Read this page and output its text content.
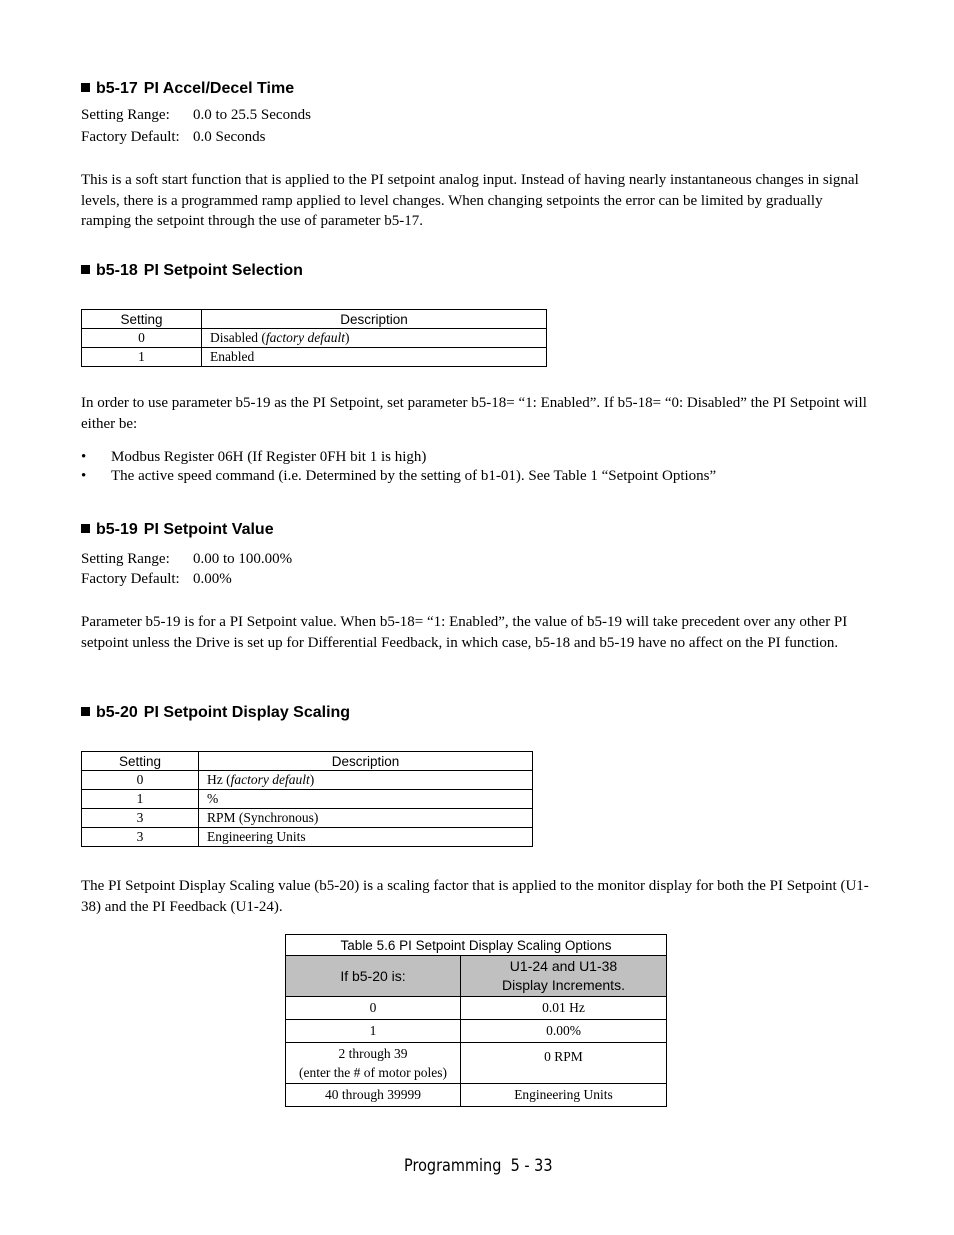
b5-17 PI Accel/Decel Time
Setting Range: 0.0 to 25.5 Seconds
Factory Default: 0.0 Seconds
This is a soft start function that is applied to the PI setpoint analog input. Instead of having nearly instantaneous changes in signal levels, there is a programmed ramp applied to level changes. When changing setpoints the error can be limited by gradually ramping the setpoint through the use of parameter b5-17.
b5-18 PI Setpoint Selection
Setting	Description
0	Disabled (factory default)
1	Enabled
In order to use parameter b5-19 as the PI Setpoint, set parameter b5-18= “1: Enabled”. If b5-18= “0: Disabled” the PI Setpoint will either be:
• Modbus Register 06H (If Register 0FH bit 1 is high)
• The active speed command (i.e. Determined by the setting of b1-01). See Table 1 “Setpoint Options”
b5-19 PI Setpoint Value
Setting Range: 0.00 to 100.00%
Factory Default: 0.00%
Parameter b5-19 is for a PI Setpoint value. When b5-18= “1: Enabled”, the value of b5-19 will take precedent over any other PI setpoint unless the Drive is set up for Differential Feedback, in which case, b5-18 and b5-19 have no affect on the PI function.
b5-20 PI Setpoint Display Scaling
Setting	Description
0	Hz (factory default)
1	%
3	RPM (Synchronous)
3	Engineering Units
The PI Setpoint Display Scaling value (b5-20) is a scaling factor that is applied to the monitor display for both the PI Setpoint (U1-38) and the PI Feedback (U1-24).
Table 5.6 PI Setpoint Display Scaling Options	
If b5-20 is:	U1-24 and U1-38
Display Increments.
0	0.01 Hz
1	0.00%
2 through 39
(enter the # of motor poles)	0 RPM
40 through 39999	Engineering Units
Programming 5 - 33
